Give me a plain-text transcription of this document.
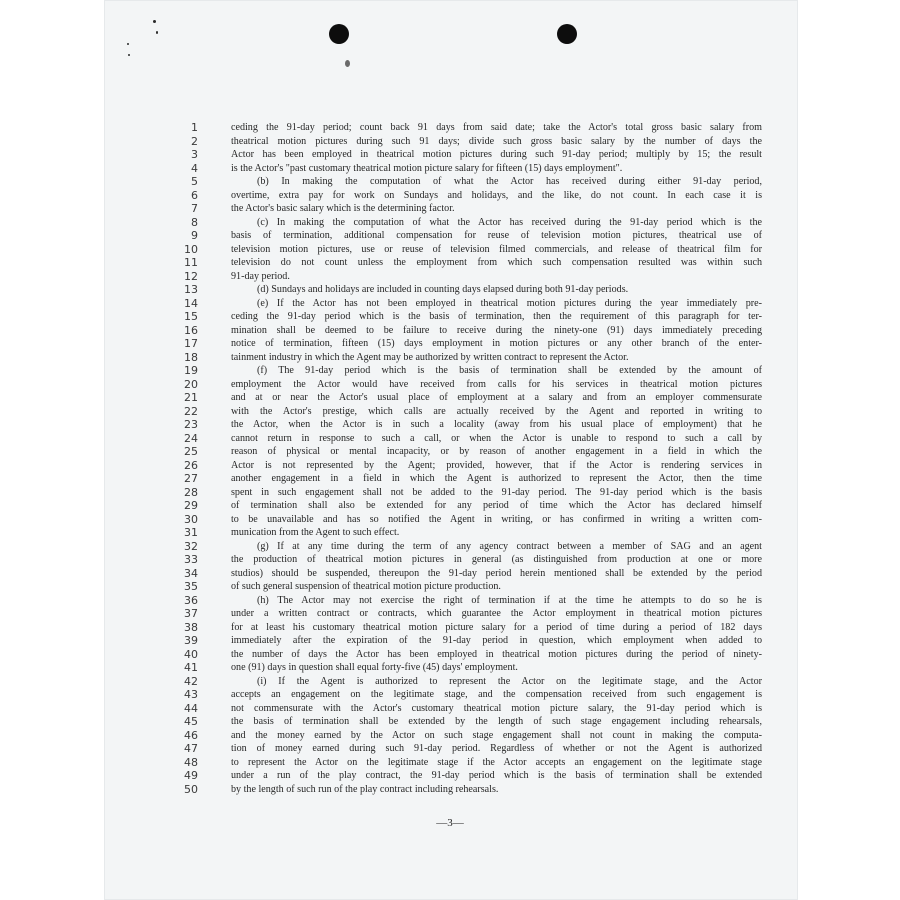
1
2
3
4
5
6
7
8
9
10
11
12
13
14
15
16
17
18
19
20
21
22
23
24
25
26
27
28
29
30
31
32
33
34
35
36
37
38
39
40
41
42
43
44
45
46
47
48
49
50
ceding the 91-day period; count back 91 days from said date; take the Actor's total gross basic salary from
theatrical motion pictures during such 91 days; divide such gross basic salary by the number of days the
Actor has been employed in theatrical motion pictures during such 91-day period; multiply by 15; the result
is the Actor's "past customary theatrical motion picture salary for fifteen (15) days employment".
(b) In making the computation of what the Actor has received during either 91-day period,
overtime, extra pay for work on Sundays and holidays, and the like, do not count. In each case it is
the Actor's basic salary which is the determining factor.
(c) In making the computation of what the Actor has received during the 91-day period which is the
basis of termination, additional compensation for reuse of television motion pictures, theatrical use of
television motion pictures, use or reuse of television filmed commercials, and release of theatrical film for
television do not count unless the employment from which such compensation resulted was within such
91-day period.
(d) Sundays and holidays are included in counting days elapsed during both 91-day periods.
(e) If the Actor has not been employed in theatrical motion pictures during the year immediately pre-
ceding the 91-day period which is the basis of termination, then the requirement of this paragraph for ter-
mination shall be deemed to be failure to receive during the ninety-one (91) days immediately preceding
notice of termination, fifteen (15) days employment in motion pictures or any other branch of the enter-
tainment industry in which the Agent may be authorized by written contract to represent the Actor.
(f) The 91-day period which is the basis of termination shall be extended by the amount of
employment the Actor would have received from calls for his services in theatrical motion pictures
and at or near the Actor's usual place of employment at a salary and from an employer commensurate
with the Actor's prestige, which calls are actually received by the Agent and reported in writing to
the Actor, when the Actor is in such a locality (away from his usual place of employment) that he
cannot return in response to such a call, or when the Actor is unable to respond to such a call by
reason of physical or mental incapacity, or by reason of another engagement in a field in which the
Actor is not represented by the Agent; provided, however, that if the Actor is rendering services in
another engagement in a field in which the Agent is authorized to represent the Actor, then the time
spent in such engagement shall not be added to the 91-day period. The 91-day period which is the basis
of termination shall also be extended for any period of time which the Actor has declared himself
to be unavailable and has so notified the Agent in writing, or has confirmed in writing a written com-
munication from the Agent to such effect.
(g) If at any time during the term of any agency contract between a member of SAG and an agent
the production of theatrical motion pictures in general (as distinguished from production at one or more
studios) should be suspended, thereupon the 91-day period herein mentioned shall be extended by the period
of such general suspension of theatrical motion picture production.
(h) The Actor may not exercise the right of termination if at the time he attempts to do so he is
under a written contract or contracts, which guarantee the Actor employment in theatrical motion pictures
for at least his customary theatrical motion picture salary for a period of time during a period of 182 days
immediately after the expiration of the 91-day period in question, which employment when added to
the number of days the Actor has been employed in theatrical motion pictures during the period of ninety-
one (91) days in question shall equal forty-five (45) days' employment.
(i) If the Agent is authorized to represent the Actor on the legitimate stage, and the Actor
accepts an engagement on the legitimate stage, and the compensation received from such engagement is
not commensurate with the Actor's customary theatrical motion picture salary, the 91-day period which is
the basis of termination shall be extended by the length of such stage engagement including rehearsals,
and the money earned by the Actor on such stage engagement shall not count in making the computa-
tion of money earned during such 91-day period. Regardless of whether or not the Agent is authorized
to represent the Actor on the legitimate stage if the Actor accepts an engagement on the legitimate stage
under a run of the play contract, the 91-day period which is the basis of termination shall be extended
by the length of such run of the play contract including rehearsals.

—3—
